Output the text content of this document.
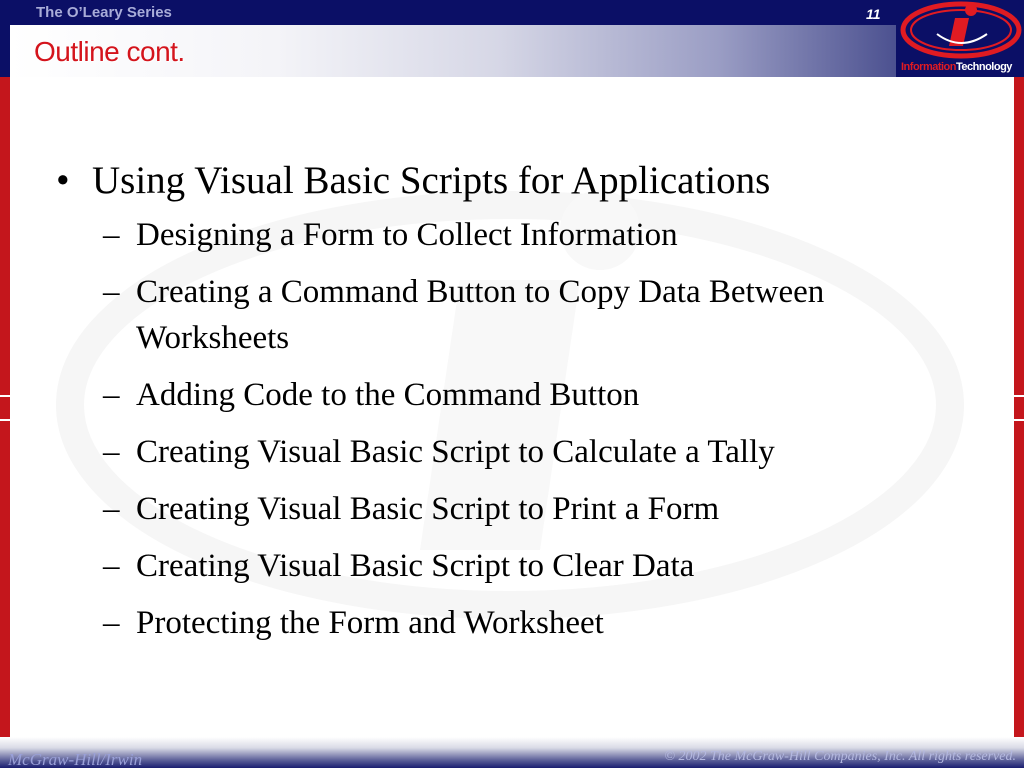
The O’Leary Series	11
Outline cont.	InformationTechnology
• Using Visual Basic Scripts for Applications
– Designing a Form to Collect Information
– Creating a Command Button to Copy Data Between Worksheets
– Adding Code to the Command Button
– Creating Visual Basic Script to Calculate a Tally
– Creating Visual Basic Script to Print a Form
– Creating Visual Basic Script to Clear Data
– Protecting the Form and Worksheet
McGraw-Hill/Irwin	© 2002 The McGraw-Hill Companies, Inc. All rights reserved.
